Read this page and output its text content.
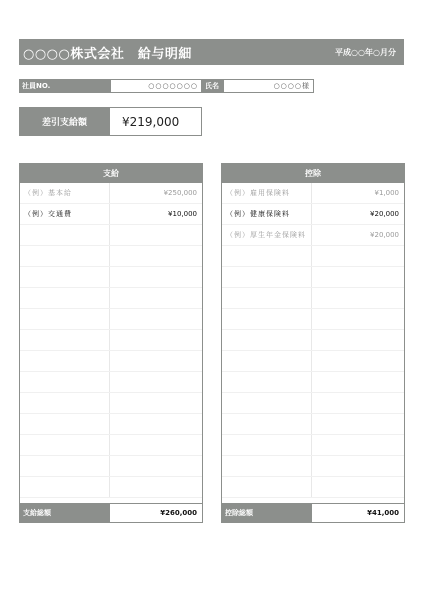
○○○○株式会社　給与明細	平成○○年○月分
社員NO.	○○○○○○○	氏名	○○○○様
差引支給額	¥219,000
支給
（例）基本給	¥250,000
（例）交通費	¥10,000
支給総額	¥260,000
控除
（例）雇用保険料	¥1,000
（例）健康保険料	¥20,000
（例）厚生年金保険料	¥20,000
控除総額	¥41,000
